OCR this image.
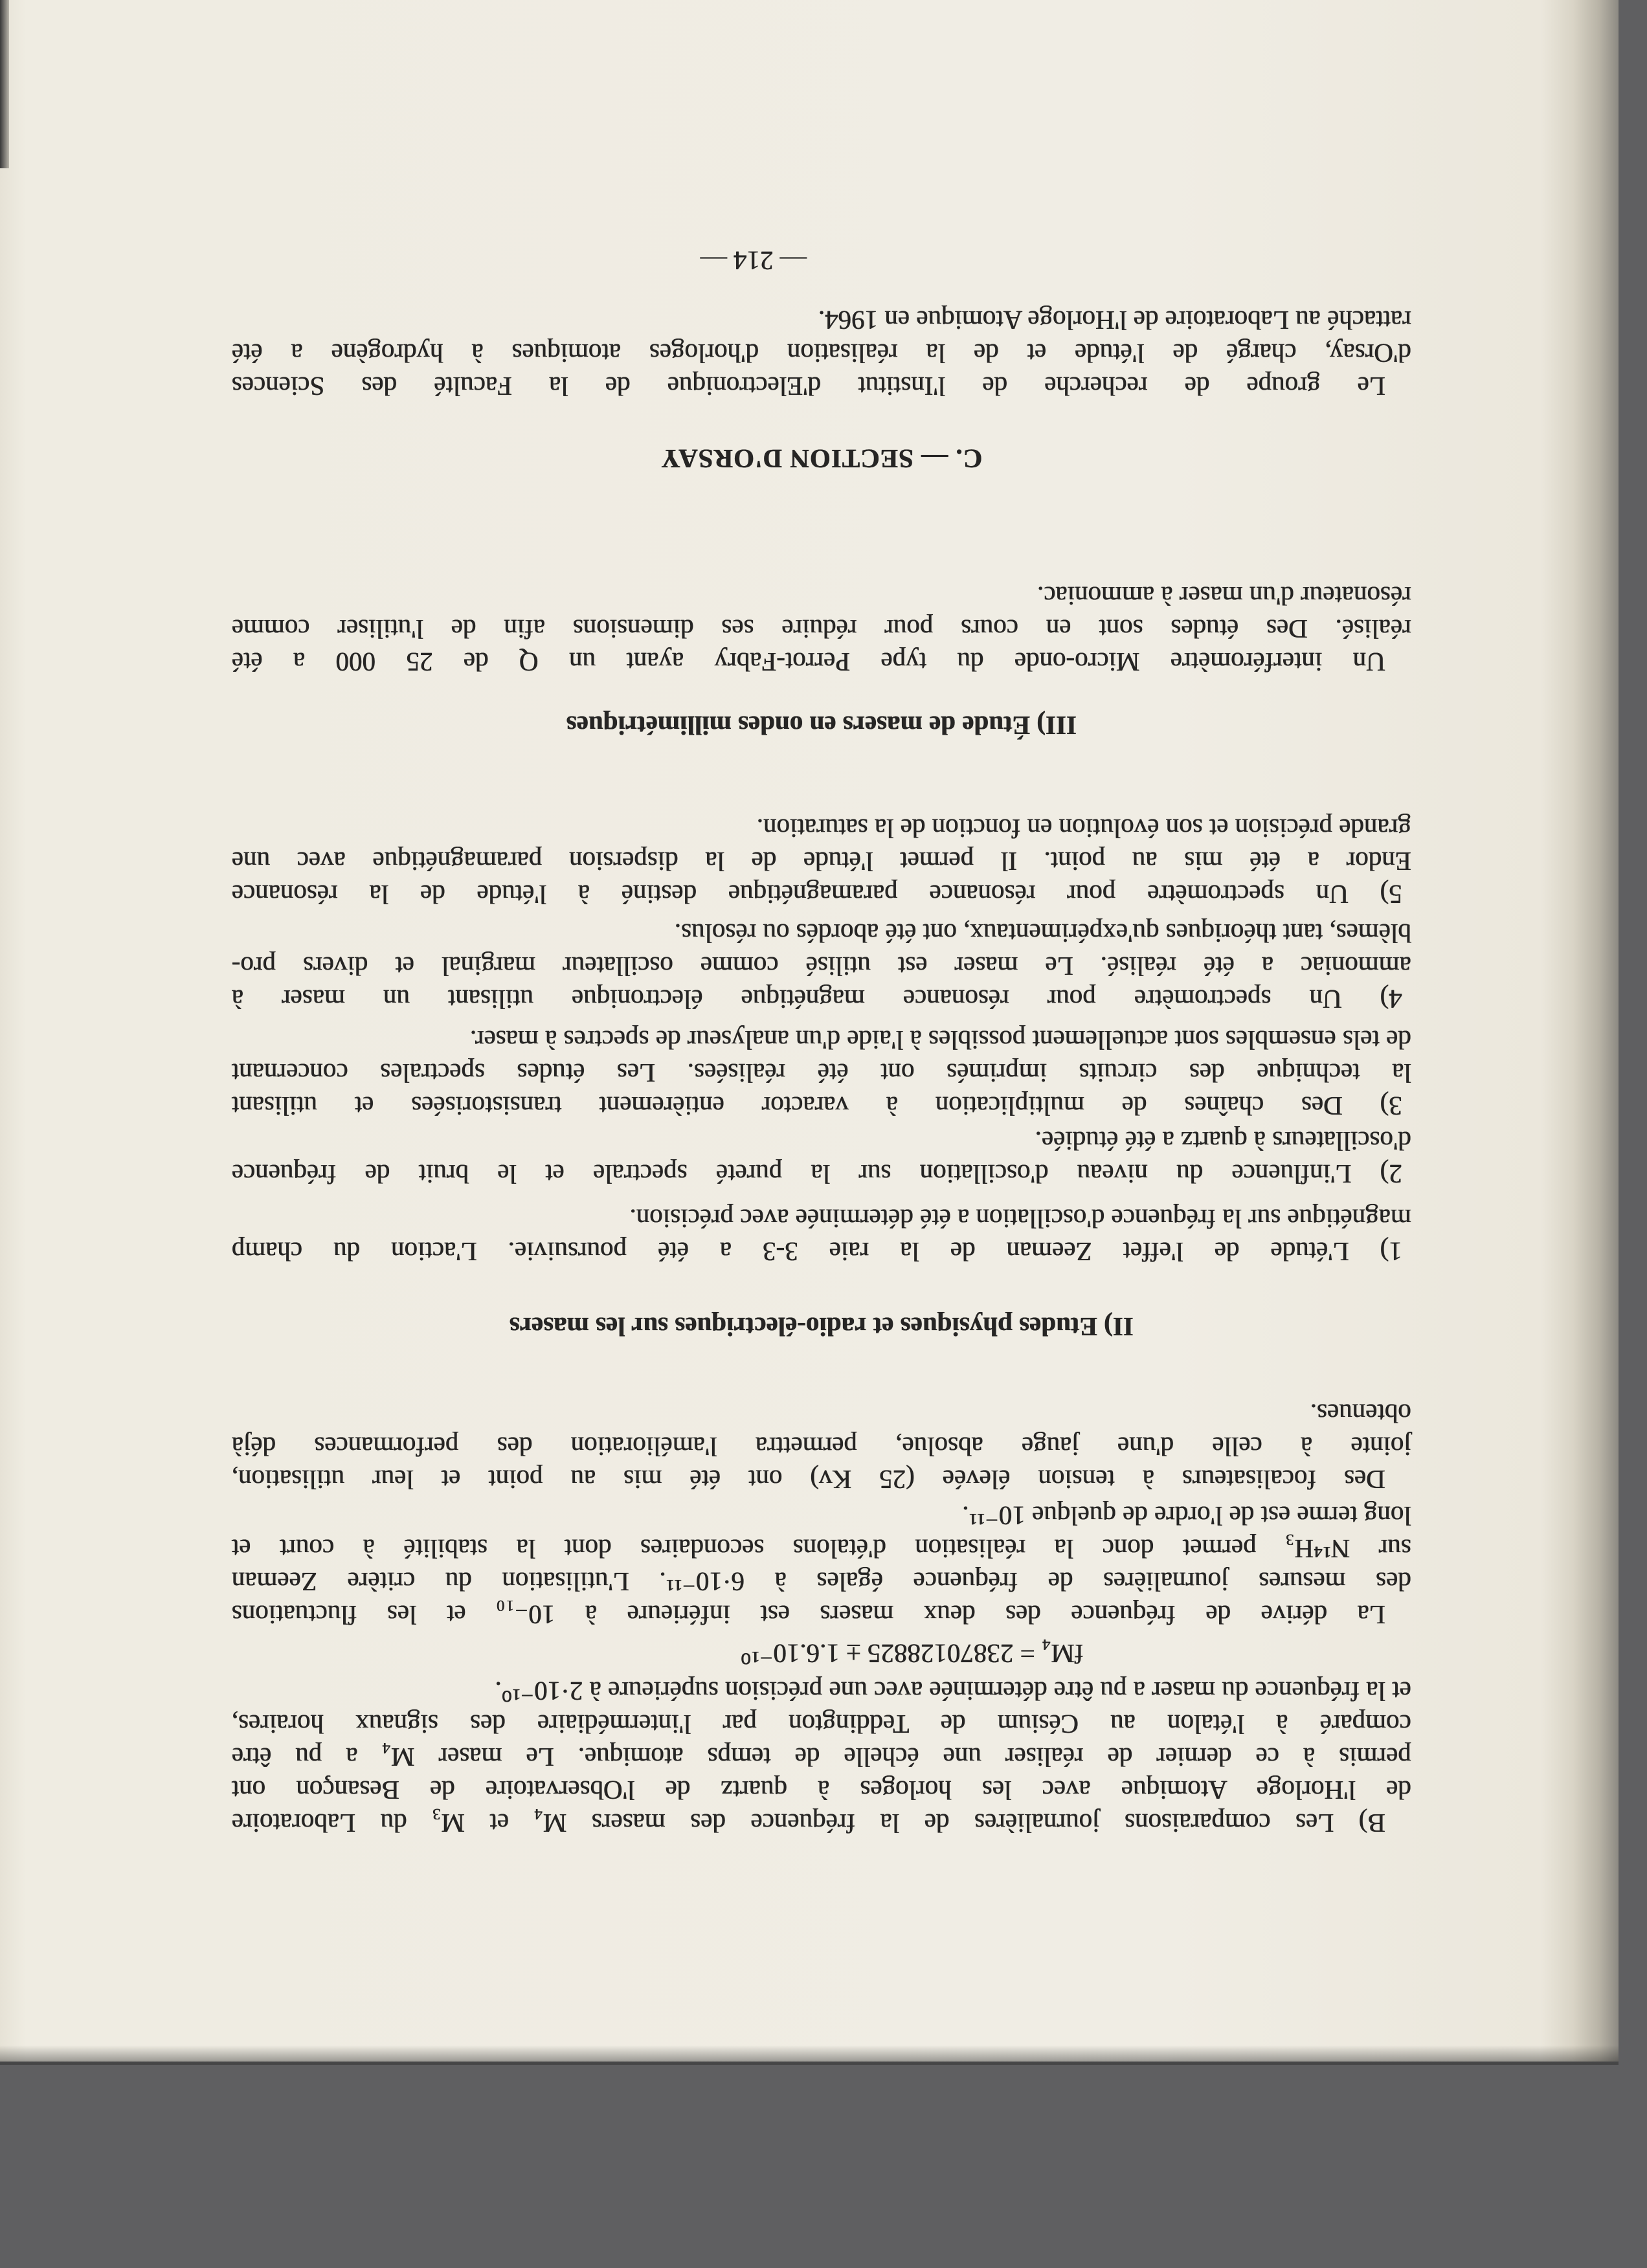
B) Les comparaisons journalières de la fréquence des masers M₄ et M₃ du Laboratoire
de l'Horloge Atomique avec les horloges à quartz de l'Observatoire de Besançon ont
permis à ce dernier de réaliser une échelle de temps atomique. Le maser M₄ a pu être
comparé à l'étalon au Césium de Teddington par l'intermédiaire des signaux horaires,
et la fréquence du maser a pu être déterminée avec une précision supérieure à 2·10⁻¹⁰.
fM₄ = 23870128825 ± 1.6.10⁻¹⁰
La dérive de fréquence des deux masers est inférieure à 10₋₁₀ et les fluctuations
des mesures journalières de fréquence égales à 6·10⁻¹¹. L'utilisation du critère Zeeman
sur N¹⁴H₃ permet donc la réalisation d'étalons secondaires dont la stabilité à court et
long terme est de l'ordre de quelque 10⁻¹¹.
Des focalisateurs à tension élevée (25 Kv) ont été mis au point et leur utilisation,
jointe à celle d'une jauge absolue, permettra l'amélioration des performances déjà
obtenues.
II) Etudes physiques et radio-électriques sur les masers
1) L'étude de l'effet Zeeman de la raie 3-3 a été poursuivie. L'action du champ
magnétique sur la fréquence d'oscillation a été déterminée avec précision.
2) L'influence du niveau d'oscillation sur la pureté spectrale et le bruit de fréquence
d'oscillateurs à quartz a été étudiée.
3) Des chaînes de multiplication à varactor entièrement transistorisées et utilisant
la technique des circuits imprimés ont été réalisées. Les études spectrales concernant
de tels ensembles sont actuellement possibles à l'aide d'un analyseur de spectres à maser.
4) Un spectromètre pour résonance magnétique électronique utilisant un maser à
ammoniac a été réalisé. Le maser est utilisé comme oscillateur marginal et divers pro-
blèmes, tant théoriques qu'expérimentaux, ont été abordés ou résolus.
5) Un spectromètre pour résonance paramagnétique destiné à l'étude de la résonance
Endor a été mis au point. Il permet l'étude de la dispersion paramagnétique avec une
grande précision et son évolution en fonction de la saturation.
III) Étude de masers en ondes millimétriques
Un interféromètre Micro-onde du type Perrot-Fabry ayant un Q de 25 000 a été
réalisé. Des études sont en cours pour réduire ses dimensions afin de l'utiliser comme
résonateur d'un maser à ammoniac.
C. — SECTION D'ORSAY
Le groupe de recherche de l'Institut d'Electronique de la Faculté des Sciences
d'Orsay, chargé de l'étude et de la réalisation d'horloges atomiques à hydrogène a été
rattaché au Laboratoire de l'Horloge Atomique en 1964.
— 214 —
